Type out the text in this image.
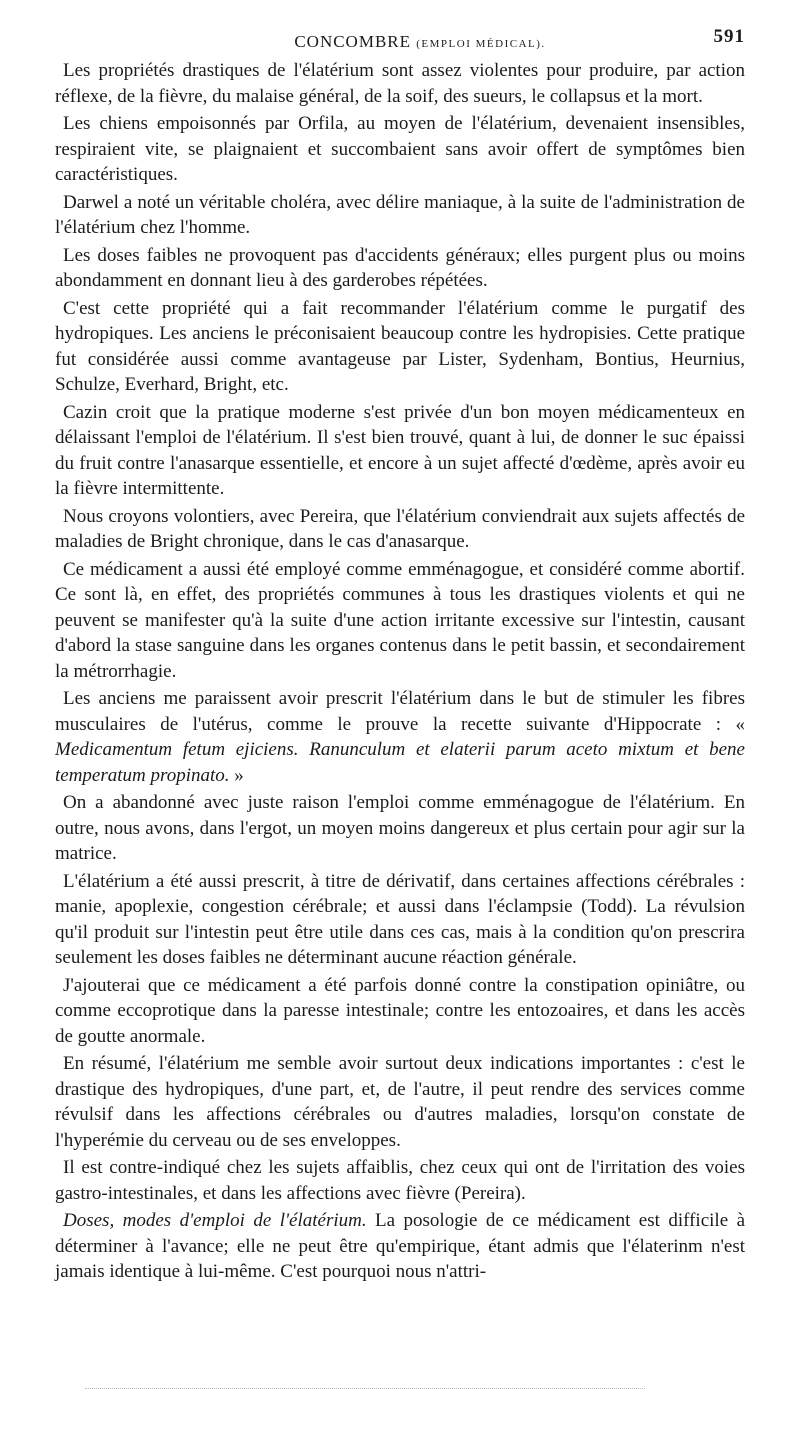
CONCOMBRE (EMPLOI MÉDICAL).	591

Les propriétés drastiques de l'élatérium sont assez violentes pour produire, par action réflexe, de la fièvre, du malaise général, de la soif, des sueurs, le collapsus et la mort.

Les chiens empoisonnés par Orfila, au moyen de l'élatérium, devenaient insensibles, respiraient vite, se plaignaient et succombaient sans avoir offert de symptômes bien caractéristiques.

Darwel a noté un véritable choléra, avec délire maniaque, à la suite de l'administration de l'élatérium chez l'homme.

Les doses faibles ne provoquent pas d'accidents généraux; elles purgent plus ou moins abondamment en donnant lieu à des garderobes répétées.

C'est cette propriété qui a fait recommander l'élatérium comme le purgatif des hydropiques. Les anciens le préconisaient beaucoup contre les hydropisies. Cette pratique fut considérée aussi comme avantageuse par Lister, Sydenham, Bontius, Heurnius, Schulze, Everhard, Bright, etc.

Cazin croit que la pratique moderne s'est privée d'un bon moyen médicamenteux en délaissant l'emploi de l'élatérium. Il s'est bien trouvé, quant à lui, de donner le suc épaissi du fruit contre l'anasarque essentielle, et encore à un sujet affecté d'œdème, après avoir eu la fièvre intermittente.

Nous croyons volontiers, avec Pereira, que l'élatérium conviendrait aux sujets affectés de maladies de Bright chronique, dans le cas d'anasarque.

Ce médicament a aussi été employé comme emménagogue, et considéré comme abortif. Ce sont là, en effet, des propriétés communes à tous les drastiques violents et qui ne peuvent se manifester qu'à la suite d'une action irritante excessive sur l'intestin, causant d'abord la stase sanguine dans les organes contenus dans le petit bassin, et secondairement la métrorrhagie.

Les anciens me paraissent avoir prescrit l'élatérium dans le but de stimuler les fibres musculaires de l'utérus, comme le prouve la recette suivante d'Hippocrate : « Medicamentum fetum ejiciens. Ranunculum et elaterii parum aceto mixtum et bene temperatum propinato. »

On a abandonné avec juste raison l'emploi comme emménagogue de l'élatérium. En outre, nous avons, dans l'ergot, un moyen moins dangereux et plus certain pour agir sur la matrice.

L'élatérium a été aussi prescrit, à titre de dérivatif, dans certaines affections cérébrales : manie, apoplexie, congestion cérébrale; et aussi dans l'éclampsie (Todd). La révulsion qu'il produit sur l'intestin peut être utile dans ces cas, mais à la condition qu'on prescrira seulement les doses faibles ne déterminant aucune réaction générale.

J'ajouterai que ce médicament a été parfois donné contre la constipation opiniâtre, ou comme eccoprotique dans la paresse intestinale; contre les entozoaires, et dans les accès de goutte anormale.

En résumé, l'élatérium me semble avoir surtout deux indications importantes : c'est le drastique des hydropiques, d'une part, et, de l'autre, il peut rendre des services comme révulsif dans les affections cérébrales ou d'autres maladies, lorsqu'on constate de l'hyperémie du cerveau ou de ses enveloppes.

Il est contre-indiqué chez les sujets affaiblis, chez ceux qui ont de l'irritation des voies gastro-intestinales, et dans les affections avec fièvre (Pereira).

Doses, modes d'emploi de l'élatérium. La posologie de ce médicament est difficile à déterminer à l'avance; elle ne peut être qu'empirique, étant admis que l'élaterinm n'est jamais identique à lui-même. C'est pourquoi nous n'attri-
